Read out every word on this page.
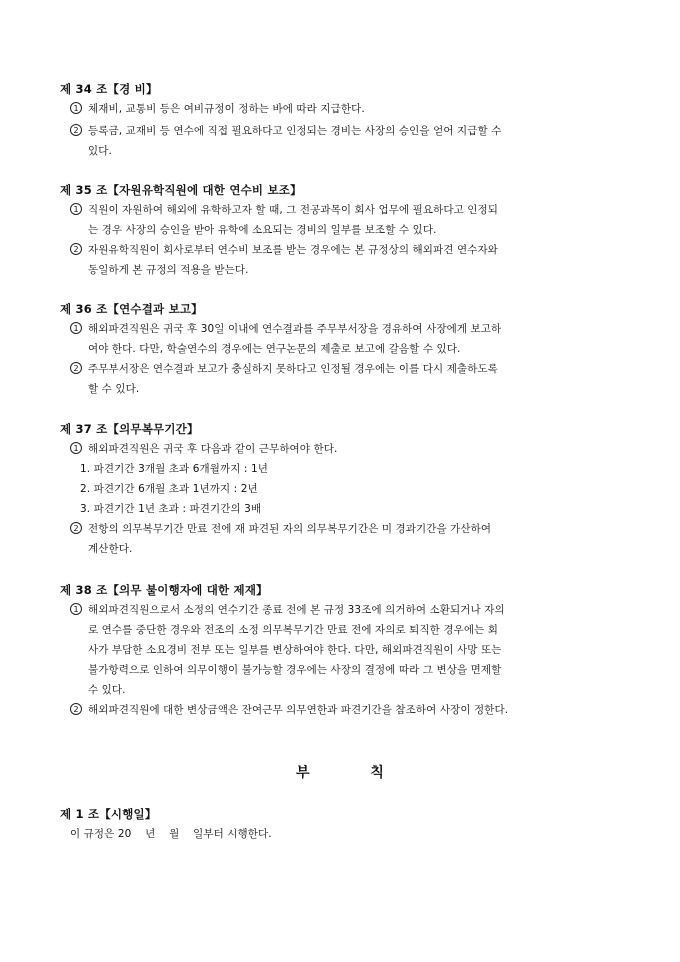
제 34 조【경 비】
1 체재비, 교통비 등은 여비규정이 정하는 바에 따라 지급한다.
2 등록금, 교재비 등 연수에 직접 필요하다고 인정되는 경비는 사장의 승인을 얻어 지급할 수
있다.
제 35 조【자원유학직원에 대한 연수비 보조】
1 직원이 자원하여 해외에 유학하고자 할 때, 그 전공과목이 회사 업무에 필요하다고 인정되
는 경우 사장의 승인을 받아 유학에 소요되는 경비의 일부를 보조할 수 있다.
2 자원유학직원이 회사로부터 연수비 보조를 받는 경우에는 본 규정상의 해외파견 연수자와
동일하게 본 규정의 적용을 받는다.
제 36 조【연수결과 보고】
1 해외파견직원은 귀국 후 30일 이내에 연수결과를 주무부서장을 경유하여 사장에게 보고하
여야 한다. 다만, 학술연수의 경우에는 연구논문의 제출로 보고에 갈음할 수 있다.
2 주무부서장은 연수결과 보고가 충실하지 못하다고 인정될 경우에는 이를 다시 제출하도록
할 수 있다.
제 37 조【의무복무기간】
1 해외파견직원은 귀국 후 다음과 같이 근무하여야 한다.
1. 파견기간 3개월 초과 6개월까지 : 1년
2. 파견기간 6개월 초과 1년까지 : 2년
3. 파견기간 1년 초과 : 파견기간의 3배
2 전항의 의무복무기간 만료 전에 재 파견된 자의 의무복무기간은 미 경과기간을 가산하여
계산한다.
제 38 조【의무 불이행자에 대한 제재】
1 해외파견직원으로서 소정의 연수기간 종료 전에 본 규정 33조에 의거하여 소환되거나 자의
로 연수를 중단한 경우와 전조의 소정 의무복무기간 만료 전에 자의로 퇴직한 경우에는 회
사가 부담한 소요경비 전부 또는 일부를 변상하여야 한다. 다만, 해외파견직원이 사망 또는
불가항력으로 인하여 의무이행이 불가능할 경우에는 사장의 결정에 따라 그 변상을 면제할
수 있다.
2 해외파견직원에 대한 변상금액은 잔여근무 의무연한과 파견기간을 참조하여 사장이 정한다.
부 칙
제 1 조【시행일】
이 규정은 20    년    월    일부터 시행한다.
